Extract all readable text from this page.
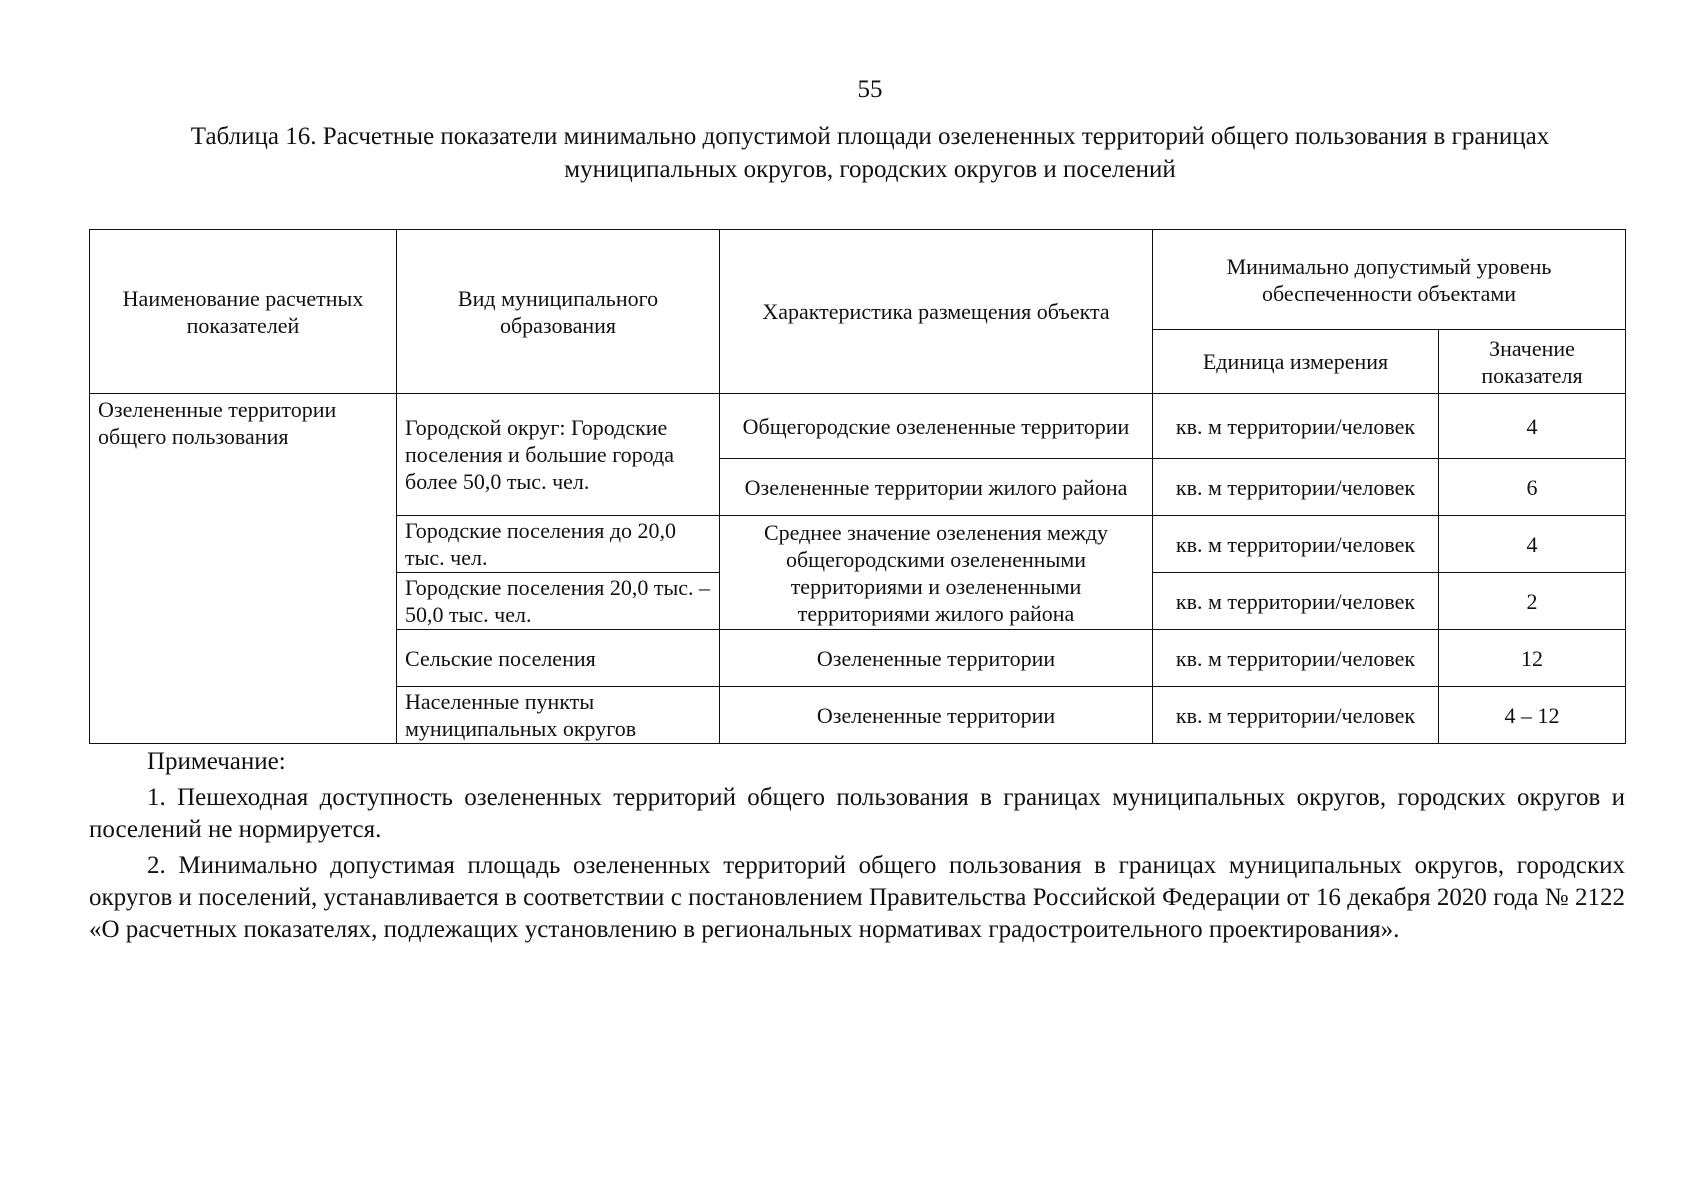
55
Таблица 16. Расчетные показатели минимально допустимой площади озелененных территорий общего пользования в границах муниципальных округов, городских округов и поселений
Наименование расчетных показателей	Вид муниципального образования	Характеристика размещения объекта	Минимально допустимый уровень обеспеченности объектами	
			Единица измерения	Значение показателя
Озелененные территории общего пользования	Городской округ: Городские поселения и большие города более 50,0 тыс. чел.	Общегородские озелененные территории	кв. м территории/человек	4
		Озелененные территории жилого района	кв. м территории/человек	6
	Городские поселения до 20,0 тыс. чел.	Среднее значение озеленения между общегородскими озелененными территориями и озелененными территориями жилого района	кв. м территории/человек	4
	Городские поселения 20,0 тыс. – 50,0 тыс. чел.		кв. м территории/человек	2
	Сельские поселения	Озелененные территории	кв. м территории/человек	12
	Населенные пункты муниципальных округов	Озелененные территории	кв. м территории/человек	4 – 12
Примечание:
1. Пешеходная доступность озелененных территорий общего пользования в границах муниципальных округов, городских округов и поселений не нормируется.
2. Минимально допустимая площадь озелененных территорий общего пользования в границах муниципальных округов, городских округов и поселений, устанавливается в соответствии с постановлением Правительства Российской Федерации от 16 декабря 2020 года № 2122 «О расчетных показателях, подлежащих установлению в региональных нормативах градостроительного проектирования».
